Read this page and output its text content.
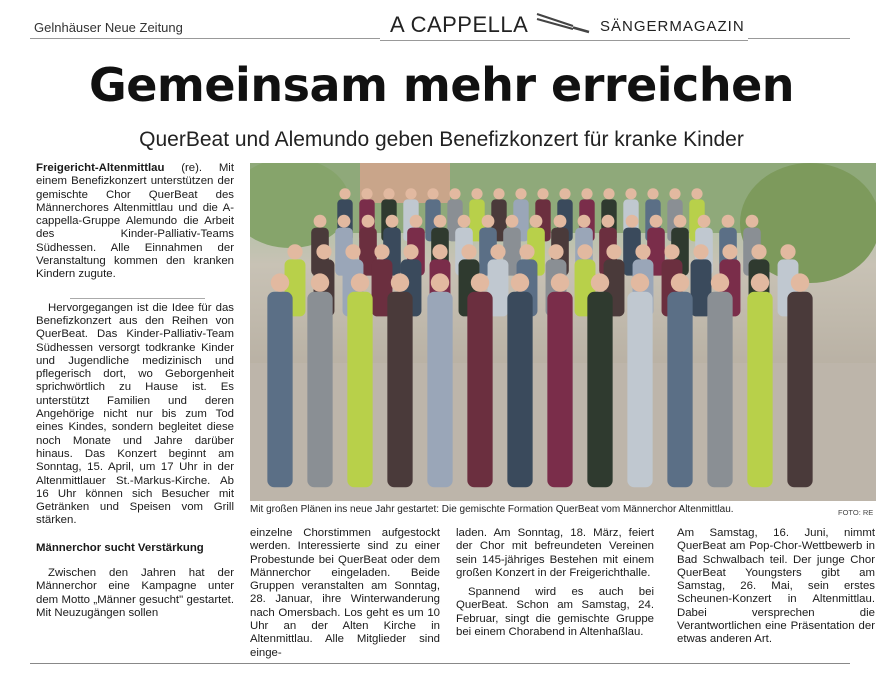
Gelnhäuser Neue Zeitung	A CAPPELLA	SÄNGERMAGAZIN
Gemeinsam mehr erreichen
QuerBeat und Alemundo geben Benefizkonzert für kranke Kinder

Freigericht-Altenmittlau (re). Mit einem Benefizkonzert unterstützen der gemischte Chor QuerBeat des Männerchores Altenmittlau und die A-cappella-Gruppe Alemundo die Arbeit des Kinder-Palliativ-Teams Südhessen. Alle Einnahmen der Veranstaltung kommen den kranken Kindern zugute.

Hervorgegangen ist die Idee für das Benefizkonzert aus den Reihen von QuerBeat. Das Kinder-Palliativ-Team Südhessen versorgt todkranke Kinder und Jugendliche medizinisch und pflegerisch dort, wo Geborgenheit sprichwörtlich zu Hause ist. Es unterstützt Familien und deren Angehörige nicht nur bis zum Tod eines Kindes, sondern begleitet diese noch Monate und Jahre darüber hinaus. Das Konzert beginnt am Sonntag, 15. April, um 17 Uhr in der Altenmittlauer St.-Markus-Kirche. Ab 16 Uhr können sich Besucher mit Getränken und Speisen vom Grill stärken.

Männerchor sucht Verstärkung

Zwischen den Jahren hat der Männerchor eine Kampagne unter dem Motto „Männer gesucht" gestartet. Mit Neuzugängen sollen

Mit großen Plänen ins neue Jahr gestartet: Die gemischte Formation QuerBeat vom Männerchor Altenmittlau.	FOTO: RE

einzelne Chorstimmen aufgestockt werden. Interessierte sind zu einer Probestunde bei QuerBeat oder dem Männerchor eingeladen. Beide Gruppen veranstalten am Sonntag, 28. Januar, ihre Winterwanderung nach Omersbach. Los geht es um 10 Uhr an der Alten Kirche in Altenmittlau. Alle Mitglieder sind einge-

laden. Am Sonntag, 18. März, feiert der Chor mit befreundeten Vereinen sein 145-jähriges Bestehen mit einem großen Konzert in der Freigerichthalle.

Spannend wird es auch bei QuerBeat. Schon am Samstag, 24. Februar, singt die gemischte Gruppe bei einem Chorabend in Altenhaßlau.

Am Samstag, 16. Juni, nimmt QuerBeat am Pop-Chor-Wettbewerb in Bad Schwalbach teil. Der junge Chor QuerBeat Youngsters gibt am Samstag, 26. Mai, sein erstes Scheunen-Konzert in Altenmittlau. Dabei versprechen die Verantwortlichen eine Präsentation der etwas anderen Art.
